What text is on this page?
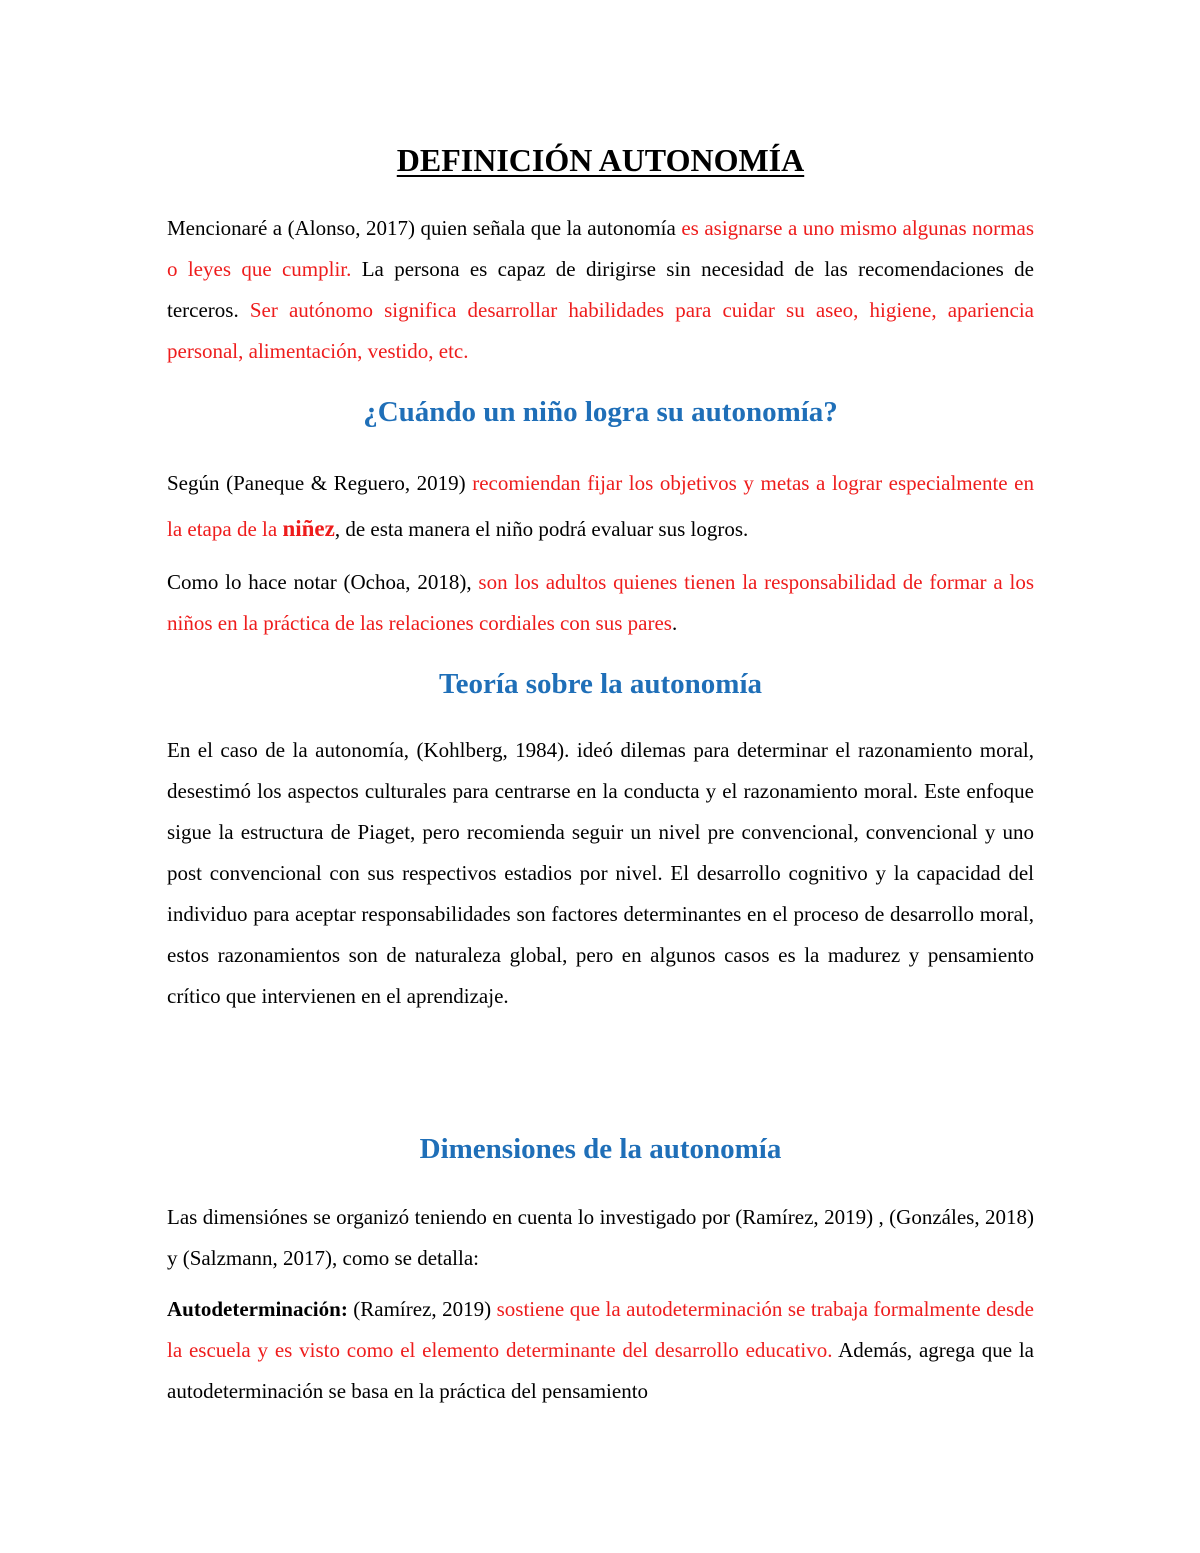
DEFINICIÓN AUTONOMÍA

Mencionaré a (Alonso, 2017) quien señala que la autonomía es asignarse a uno mismo algunas normas o leyes que cumplir. La persona es capaz de dirigirse sin necesidad de las recomendaciones de terceros. Ser autónomo significa desarrollar habilidades para cuidar su aseo, higiene, apariencia personal, alimentación, vestido, etc.

¿Cuándo un niño logra su autonomía?

Según (Paneque & Reguero, 2019) recomiendan fijar los objetivos y metas a lograr especialmente en la etapa de la niñez, de esta manera el niño podrá evaluar sus logros.

Como lo hace notar (Ochoa, 2018), son los adultos quienes tienen la responsabilidad de formar a los niños en la práctica de las relaciones cordiales con sus pares.

Teoría sobre la autonomía

En el caso de la autonomía, (Kohlberg, 1984). ideó dilemas para determinar el razonamiento moral, desestimó los aspectos culturales para centrarse en la conducta y el razonamiento moral. Este enfoque sigue la estructura de Piaget, pero recomienda seguir un nivel pre convencional, convencional y uno post convencional con sus respectivos estadios por nivel. El desarrollo cognitivo y la capacidad del individuo para aceptar responsabilidades son factores determinantes en el proceso de desarrollo moral, estos razonamientos son de naturaleza global, pero en algunos casos es la madurez y pensamiento crítico que intervienen en el aprendizaje.

Dimensiones de la autonomía

Las dimensiónes se organizó teniendo en cuenta lo investigado por (Ramírez, 2019) , (Gonzáles, 2018) y (Salzmann, 2017), como se detalla:

Autodeterminación: (Ramírez, 2019) sostiene que la autodeterminación se trabaja formalmente desde la escuela y es visto como el elemento determinante del desarrollo educativo. Además, agrega que la autodeterminación se basa en la práctica del pensamiento
